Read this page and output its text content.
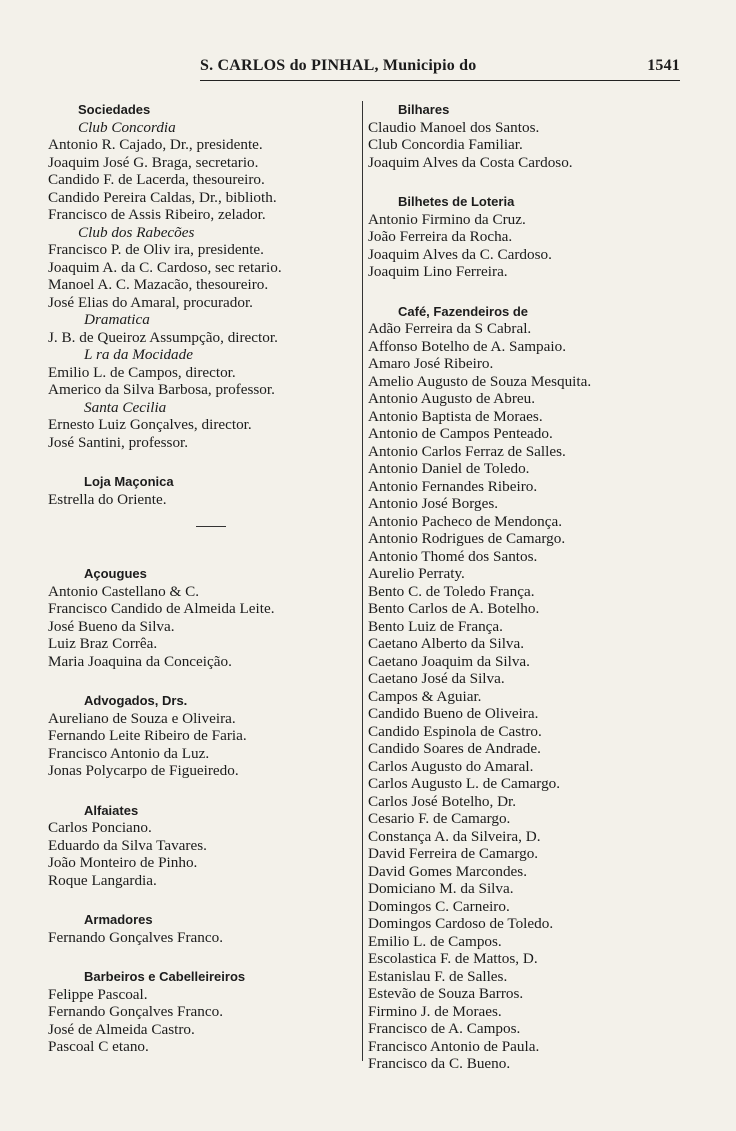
S. CARLOS do PINHAL, Municipio do	1541
Sociedades
Club Concordia
Antonio R. Cajado, Dr., presidente.
Joaquim José G. Braga, secretario.
Candido F. de Lacerda, thesoureiro.
Candido Pereira Caldas, Dr., biblioth.
Francisco de Assis Ribeiro, zelador.
Club dos Rabecões
Francisco P. de Oliv ira, presidente.
Joaquim A. da C. Cardoso, sec retario.
Manoel A. C. Mazacão, thesoureiro.
José Elias do Amaral, procurador.
Dramatica
J. B. de Queiroz Assumpção, director.
L ra da Mocidade
Emilio L. de Campos, director.
Americo da Silva Barbosa, professor.
Santa Cecilia
Ernesto Luiz Gonçalves, director.
José Santini, professor.
Loja Maçonica
Estrella do Oriente.
Açougues
Antonio Castellano & C.
Francisco Candido de Almeida Leite.
José Bueno da Silva.
Luiz Braz Corrêa.
Maria Joaquina da Conceição.
Advogados, Drs.
Aureliano de Souza e Oliveira.
Fernando Leite Ribeiro de Faria.
Francisco Antonio da Luz.
Jonas Polycarpo de Figueiredo.
Alfaiates
Carlos Ponciano.
Eduardo da Silva Tavares.
João Monteiro de Pinho.
Roque Langardia.
Armadores
Fernando Gonçalves Franco.
Barbeiros e Cabelleireiros
Felippe Pascoal.
Fernando Gonçalves Franco.
José de Almeida Castro.
Pascoal C etano.
Bilhares
Claudio Manoel dos Santos.
Club Concordia Familiar.
Joaquim Alves da Costa Cardoso.
Bilhetes de Loteria
Antonio Firmino da Cruz.
João Ferreira da Rocha.
Joaquim Alves da C. Cardoso.
Joaquim Lino Ferreira.
Café, Fazendeiros de
Adão Ferreira da S Cabral.
Affonso Botelho de A. Sampaio.
Amaro José Ribeiro.
Amelio Augusto de Souza Mesquita.
Antonio Augusto de Abreu.
Antonio Baptista de Moraes.
Antonio de Campos Penteado.
Antonio Carlos Ferraz de Salles.
Antonio Daniel de Toledo.
Antonio Fernandes Ribeiro.
Antonio José Borges.
Antonio Pacheco de Mendonça.
Antonio Rodrigues de Camargo.
Antonio Thomé dos Santos.
Aurelio Perraty.
Bento C. de Toledo França.
Bento Carlos de A. Botelho.
Bento Luiz de França.
Caetano Alberto da Silva.
Caetano Joaquim da Silva.
Caetano José da Silva.
Campos & Aguiar.
Candido Bueno de Oliveira.
Candido Espinola de Castro.
Candido Soares de Andrade.
Carlos Augusto do Amaral.
Carlos Augusto L. de Camargo.
Carlos José Botelho, Dr.
Cesario F. de Camargo.
Constança A. da Silveira, D.
David Ferreira de Camargo.
David Gomes Marcondes.
Domiciano M. da Silva.
Domingos C. Carneiro.
Domingos Cardoso de Toledo.
Emilio L. de Campos.
Escolastica F. de Mattos, D.
Estanislau F. de Salles.
Estevão de Souza Barros.
Firmino J. de Moraes.
Francisco de A. Campos.
Francisco Antonio de Paula.
Francisco da C. Bueno.
